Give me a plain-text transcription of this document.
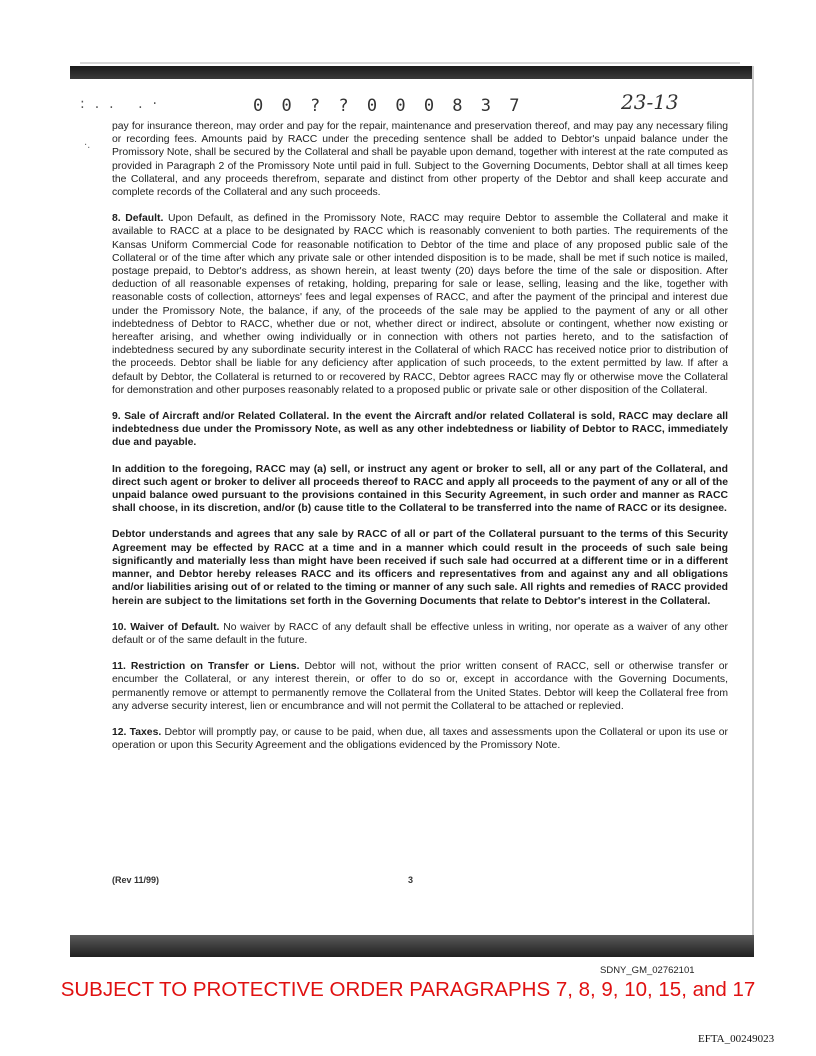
:.. .·
·.
0 0 ? ? 0 0 0 8 3 7	23-13

pay for insurance thereon, may order and pay for the repair, maintenance and preservation thereof, and may pay any necessary filing or recording fees. Amounts paid by RACC under the preceding sentence shall be added to Debtor's unpaid balance under the Promissory Note, shall be secured by the Collateral and shall be payable upon demand, together with interest at the rate computed as provided in Paragraph 2 of the Promissory Note until paid in full. Subject to the Governing Documents, Debtor shall at all times keep the Collateral, and any proceeds therefrom, separate and distinct from other property of the Debtor and shall keep accurate and complete records of the Collateral and any such proceeds.

8. Default. Upon Default, as defined in the Promissory Note, RACC may require Debtor to assemble the Collateral and make it available to RACC at a place to be designated by RACC which is reasonably convenient to both parties. The requirements of the Kansas Uniform Commercial Code for reasonable notification to Debtor of the time and place of any proposed public sale of the Collateral or of the time after which any private sale or other intended disposition is to be made, shall be met if such notice is mailed, postage prepaid, to Debtor's address, as shown herein, at least twenty (20) days before the time of the sale or disposition. After deduction of all reasonable expenses of retaking, holding, preparing for sale or lease, selling, leasing and the like, together with reasonable costs of collection, attorneys' fees and legal expenses of RACC, and after the payment of the principal and interest due under the Promissory Note, the balance, if any, of the proceeds of the sale may be applied to the payment of any or all other indebtedness of Debtor to RACC, whether due or not, whether direct or indirect, absolute or contingent, whether now existing or hereafter arising, and whether owing individually or in connection with others not parties hereto, and to the satisfaction of indebtedness secured by any subordinate security interest in the Collateral of which RACC has received notice prior to distribution of the proceeds. Debtor shall be liable for any deficiency after application of such proceeds, to the extent permitted by law. If after a default by Debtor, the Collateral is returned to or recovered by RACC, Debtor agrees RACC may fly or otherwise move the Collateral for demonstration and other purposes reasonably related to a proposed public or private sale or other disposition of the Collateral.

9. Sale of Aircraft and/or Related Collateral. In the event the Aircraft and/or related Collateral is sold, RACC may declare all indebtedness due under the Promissory Note, as well as any other indebtedness or liability of Debtor to RACC, immediately due and payable.

In addition to the foregoing, RACC may (a) sell, or instruct any agent or broker to sell, all or any part of the Collateral, and direct such agent or broker to deliver all proceeds thereof to RACC and apply all proceeds to the payment of any or all of the unpaid balance owed pursuant to the provisions contained in this Security Agreement, in such order and manner as RACC shall choose, in its discretion, and/or (b) cause title to the Collateral to be transferred into the name of RACC or its designee.

Debtor understands and agrees that any sale by RACC of all or part of the Collateral pursuant to the terms of this Security Agreement may be effected by RACC at a time and in a manner which could result in the proceeds of such sale being significantly and materially less than might have been received if such sale had occurred at a different time or in a different manner, and Debtor hereby releases RACC and its officers and representatives from and against any and all obligations and/or liabilities arising out of or related to the timing or manner of any such sale. All rights and remedies of RACC provided herein are subject to the limitations set forth in the Governing Documents that relate to Debtor's interest in the Collateral.

10. Waiver of Default. No waiver by RACC of any default shall be effective unless in writing, nor operate as a waiver of any other default or of the same default in the future.

11. Restriction on Transfer or Liens. Debtor will not, without the prior written consent of RACC, sell or otherwise transfer or encumber the Collateral, or any interest therein, or offer to do so or, except in accordance with the Governing Documents, permanently remove or attempt to permanently remove the Collateral from the United States. Debtor will keep the Collateral free from any adverse security interest, lien or encumbrance and will not permit the Collateral to be attached or replevied.

12. Taxes. Debtor will promptly pay, or cause to be paid, when due, all taxes and assessments upon the Collateral or upon its use or operation or upon this Security Agreement and the obligations evidenced by the Promissory Note.

(Rev 11/99)	3
SDNY_GM_02762101
SUBJECT TO PROTECTIVE ORDER PARAGRAPHS 7, 8, 9, 10, 15, and 17
EFTA_00249023
